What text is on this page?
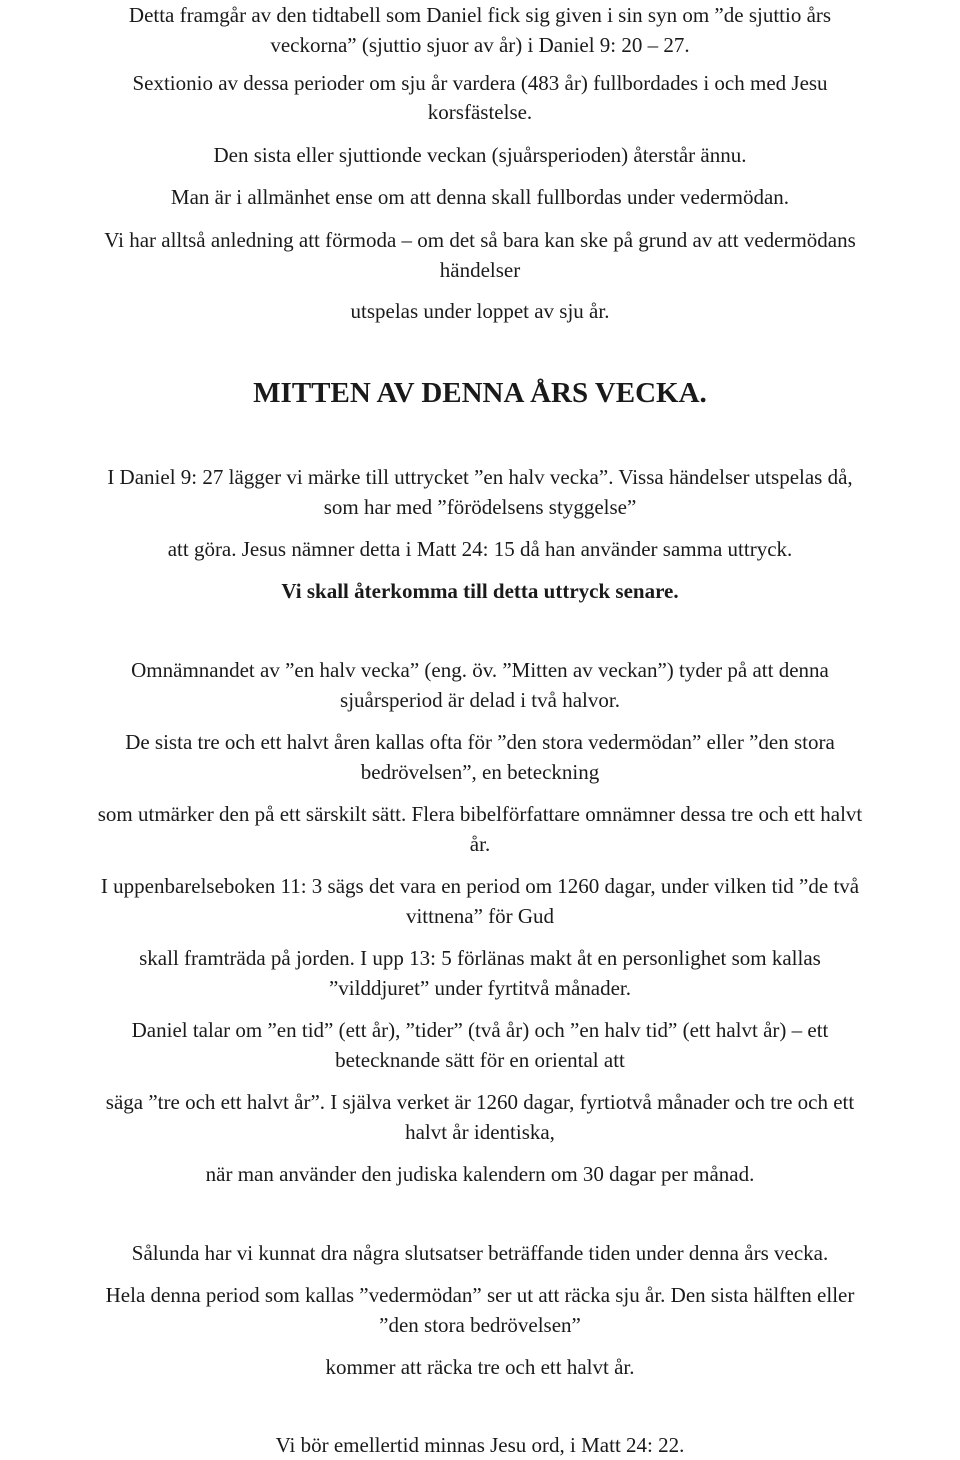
Detta framgår av den tidtabell som Daniel fick sig given i sin syn om ”de sjuttio års

veckorna” (sjuttio sjuor av år) i Daniel 9: 20 – 27.

Sextionio av dessa perioder om sju år vardera (483 år) fullbordades i och med Jesu

korsfästelse.

Den sista eller sjuttionde veckan (sjuårsperioden) återstår ännu.

Man är i allmänhet ense om att denna skall fullbordas under vedermödan.

Vi har alltså anledning att förmoda – om det så bara kan ske på grund av att vedermödans

händelser

utspelas under loppet av sju år.

MITTEN AV DENNA ÅRS VECKA.

I Daniel 9: 27 lägger vi märke till uttrycket ”en halv vecka”. Vissa händelser utspelas då,

som har med ”förödelsens styggelse”

att göra. Jesus nämner detta i Matt 24: 15 då han använder samma uttryck.

Vi skall återkomma till detta uttryck senare.

Omnämnandet av ”en halv vecka” (eng. öv. ”Mitten av veckan”) tyder på att denna

sjuårsperiod är delad i två halvor.

De sista tre och ett halvt åren kallas ofta för ”den stora vedermödan” eller ”den stora

bedrövelsen”, en beteckning

som utmärker den på ett särskilt sätt. Flera bibelförfattare omnämner dessa tre och ett halvt

år.

I uppenbarelseboken 11: 3 sägs det vara en period om 1260 dagar, under vilken tid ”de två

vittnena” för Gud

skall framträda på jorden. I upp 13: 5 förlänas makt åt en personlighet som kallas

”vilddjuret” under fyrtitvå månader.

Daniel talar om ”en tid” (ett år), ”tider” (två år) och ”en halv tid” (ett halvt år) – ett

betecknande sätt för en oriental att

säga ”tre och ett halvt år”. I själva verket är 1260 dagar, fyrtiotvå månader och tre och ett

halvt år identiska,

när man använder den judiska kalendern om 30 dagar per månad.

Sålunda har vi kunnat dra några slutsatser beträffande tiden under denna års vecka.

Hela denna period som kallas ”vedermödan” ser ut att räcka sju år. Den sista hälften eller

”den stora bedrövelsen”

kommer att räcka tre och ett halvt år.

Vi bör emellertid minnas Jesu ord, i Matt 24: 22.
